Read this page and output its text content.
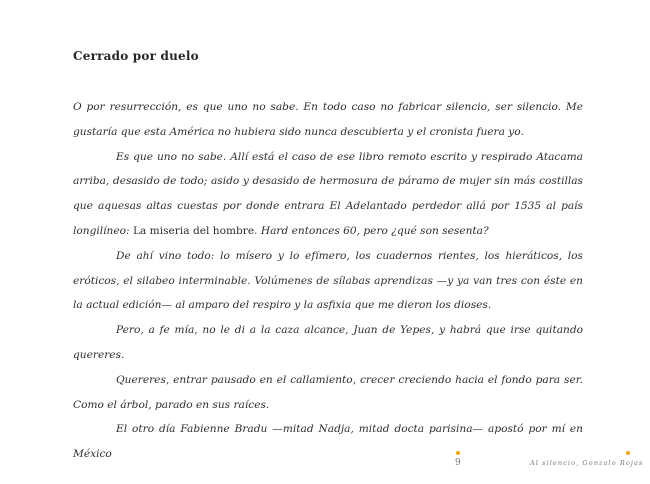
Cerrado por duelo

O por resurrección, es que uno no sabe. En todo caso no fabricar silencio, ser silencio. Me gustaría que esta América no hubiera sido nunca descubierta y el cronista fuera yo.

Es que uno no sabe. Allí está el caso de ese libro remoto escrito y respirado Atacama arriba, desasido de todo; asido y desasido de hermosura de páramo de mujer sin más costillas que aquesas altas cuestas por donde entrara El Adelantado perdedor allá por 1535 al país longilíneo: La miseria del hombre. Hard entonces 60, pero ¿qué son sesenta?

De ahí vino todo: lo mísero y lo efímero, los cuadernos rientes, los hieráticos, los eróticos, el silabeo interminable. Volúmenes de sílabas aprendizas —y ya van tres con éste en la actual edición— al amparo del respiro y la asfixia que me dieron los dioses.

Pero, a fe mía, no le di a la caza alcance, Juan de Yepes, y habrá que irse quitando quereres.

Quereres, entrar pausado en el callamiento, crecer creciendo hacia el fondo para ser. Como el árbol, parado en sus raíces.

El otro día Fabienne Bradu —mitad Nadja, mitad docta parisina— apostó por mí en México

9	Al silencio, Gonzalo Rojas
